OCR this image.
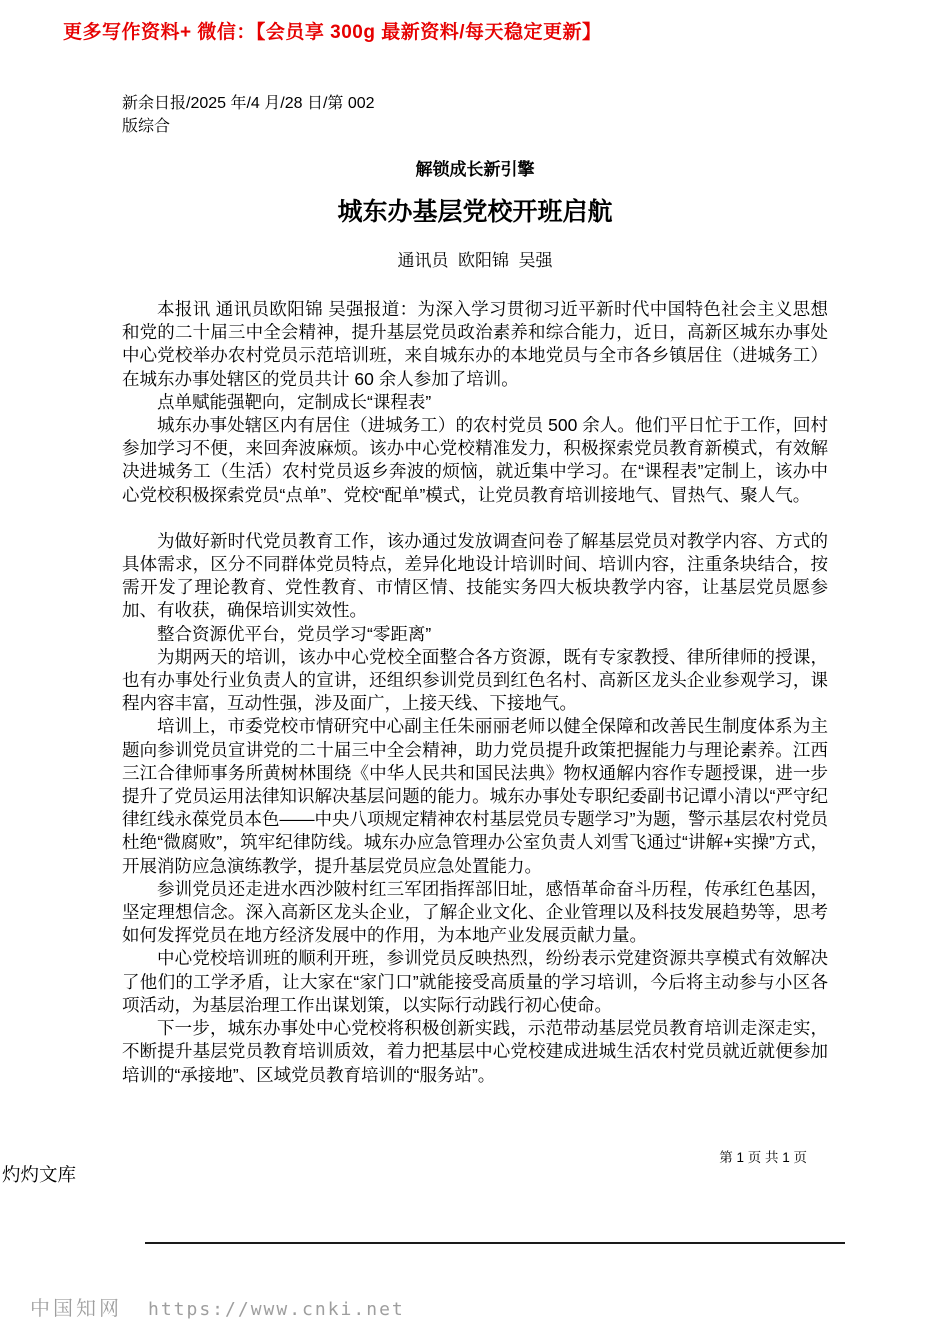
更多写作资料+ 微信：【会员享 300g 最新资料/每天稳定更新】
新余日报/2025 年/4 月/28 日/第 002
版综合

解锁成长新引擎

城东办基层党校开班启航

通讯员  欧阳锦  吴强

本报讯 通讯员欧阳锦 吴强报道：为深入学习贯彻习近平新时代中国特色社会主义思想和党的二十届三中全会精神，提升基层党员政治素养和综合能力，近日，高新区城东办事处中心党校举办农村党员示范培训班，来自城东办的本地党员与全市各乡镇居住（进城务工）在城东办事处辖区的党员共计 60 余人参加了培训。

点单赋能强靶向，定制成长“课程表”

城东办事处辖区内有居住（进城务工）的农村党员 500 余人。他们平日忙于工作，回村参加学习不便，来回奔波麻烦。该办中心党校精准发力，积极探索党员教育新模式，有效解决进城务工（生活）农村党员返乡奔波的烦恼，就近集中学习。在“课程表”定制上，该办中心党校积极探索党员“点单”、党校“配单”模式，让党员教育培训接地气、冒热气、聚人气。

为做好新时代党员教育工作，该办通过发放调查问卷了解基层党员对教学内容、方式的具体需求，区分不同群体党员特点，差异化地设计培训时间、培训内容，注重条块结合，按需开发了理论教育、党性教育、市情区情、技能实务四大板块教学内容，让基层党员愿参加、有收获，确保培训实效性。

整合资源优平台，党员学习“零距离”

为期两天的培训，该办中心党校全面整合各方资源，既有专家教授、律所律师的授课，也有办事处行业负责人的宣讲，还组织参训党员到红色名村、高新区龙头企业参观学习，课程内容丰富，互动性强，涉及面广，上接天线、下接地气。

培训上，市委党校市情研究中心副主任朱丽丽老师以健全保障和改善民生制度体系为主题向参训党员宣讲党的二十届三中全会精神，助力党员提升政策把握能力与理论素养。江西三江合律师事务所黄树林围绕《中华人民共和国民法典》物权通解内容作专题授课，进一步提升了党员运用法律知识解决基层问题的能力。城东办事处专职纪委副书记谭小清以“严守纪律红线永葆党员本色——中央八项规定精神农村基层党员专题学习”为题，警示基层农村党员杜绝“微腐败”，筑牢纪律防线。城东办应急管理办公室负责人刘雪飞通过“讲解+实操”方式，开展消防应急演练教学，提升基层党员应急处置能力。

参训党员还走进水西沙陂村红三军团指挥部旧址，感悟革命奋斗历程，传承红色基因，坚定理想信念。深入高新区龙头企业，了解企业文化、企业管理以及科技发展趋势等，思考如何发挥党员在地方经济发展中的作用，为本地产业发展贡献力量。

中心党校培训班的顺利开班，参训党员反映热烈，纷纷表示党建资源共享模式有效解决了他们的工学矛盾，让大家在“家门口”就能接受高质量的学习培训，今后将主动参与小区各项活动，为基层治理工作出谋划策，以实际行动践行初心使命。

下一步，城东办事处中心党校将积极创新实践，示范带动基层党员教育培训走深走实，不断提升基层党员教育培训质效，着力把基层中心党校建成进城生活农村党员就近就便参加培训的“承接地”、区域党员教育培训的“服务站”。

第 1 页 共 1 页
灼灼文库
中国知网 https://www.cnki.net
